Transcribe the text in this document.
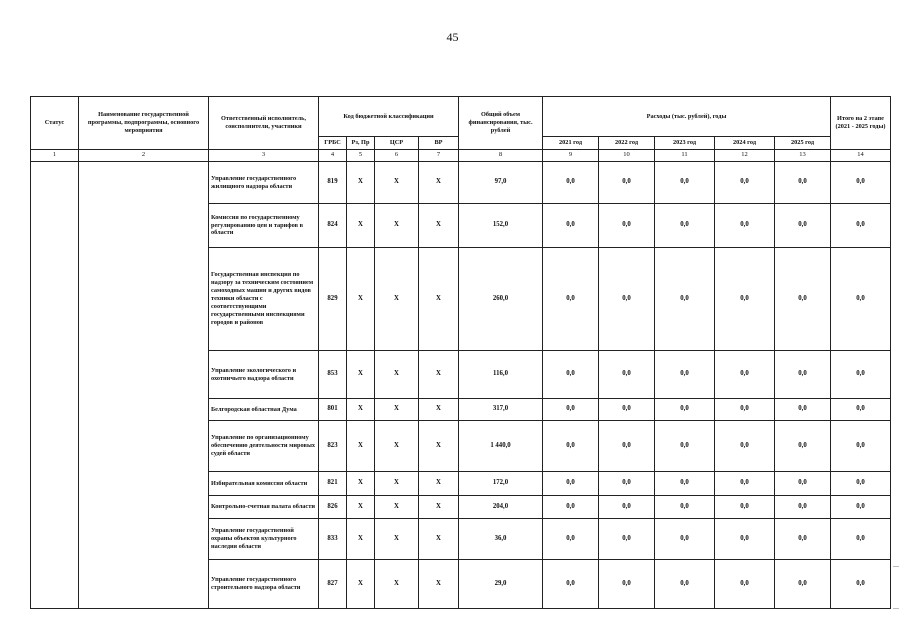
45
Статус	Наименование государственной программы, подпрограммы, основного мероприятия	Ответственный исполнитель, соисполнители, участники	Код бюджетной классификации				Общий объем финансирования, тыс. рублей	Расходы (тыс. рублей), годы					Итого на 2 этапе (2021 - 2025 годы)
			ГРБС	Рз, Пр	ЦСР	ВР		2021 год	2022 год	2023 год	2024 год	2025 год	
1	2	3	4	5	6	7	8	9	10	11	12	13	14
		Управление государственного жилищного надзора области	819	Х	Х	Х	97,0	0,0	0,0	0,0	0,0	0,0	0,0
		Комиссия по государственному регулированию цен и тарифов в области	824	Х	Х	Х	152,0	0,0	0,0	0,0	0,0	0,0	0,0
		Государственная инспекция по надзору за техническим состоянием самоходных машин и других видов техники области с соответствующими государственными инспекциями городов и районов	829	Х	Х	Х	260,0	0,0	0,0	0,0	0,0	0,0	0,0
		Управление экологического и охотничьего надзора области	853	Х	Х	Х	116,0	0,0	0,0	0,0	0,0	0,0	0,0
		Белгородская областная Дума	801	Х	Х	Х	317,0	0,0	0,0	0,0	0,0	0,0	0,0
		Управление по организационному обеспечению деятельности мировых судей области	823	Х	Х	Х	1 440,0	0,0	0,0	0,0	0,0	0,0	0,0
		Избирательная комиссия области	821	Х	Х	Х	172,0	0,0	0,0	0,0	0,0	0,0	0,0
		Контрольно-счетная палата области	826	Х	Х	Х	204,0	0,0	0,0	0,0	0,0	0,0	0,0
		Управление государственной охраны объектов культурного наследия области	833	Х	Х	Х	36,0	0,0	0,0	0,0	0,0	0,0	0,0
		Управление государственного строительного надзора области	827	Х	Х	Х	29,0	0,0	0,0	0,0	0,0	0,0	0,0
